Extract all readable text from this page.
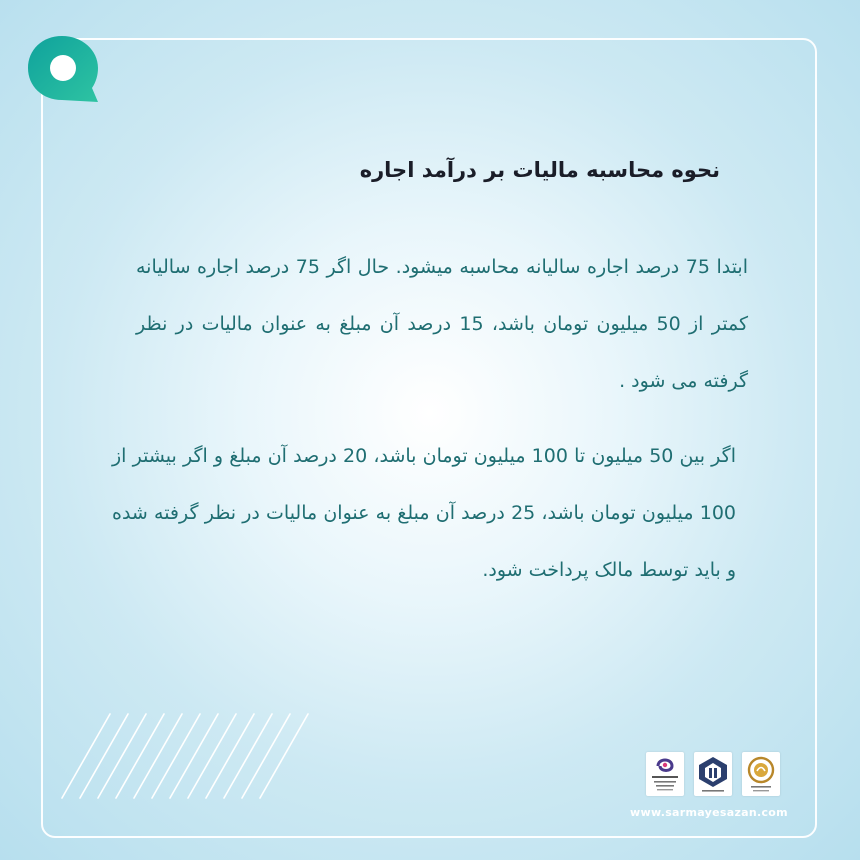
نحوه محاسبه مالیات بر درآمد اجاره

ابتدا 75 درصد اجاره سالیانه محاسبه میشود. حال اگر 75 درصد اجاره سالیانه کمتر از 50 میلیون تومان باشد، 15 درصد آن مبلغ به عنوان مالیات در نظر گرفته می شود .

اگر بین 50 میلیون تا 100 میلیون تومان باشد، 20 درصد آن مبلغ و اگر بیشتر از 100 میلیون تومان باشد، 25 درصد آن مبلغ به عنوان مالیات در نظر گرفته شده و باید توسط مالک پرداخت شود.

www.sarmayesazan.com
